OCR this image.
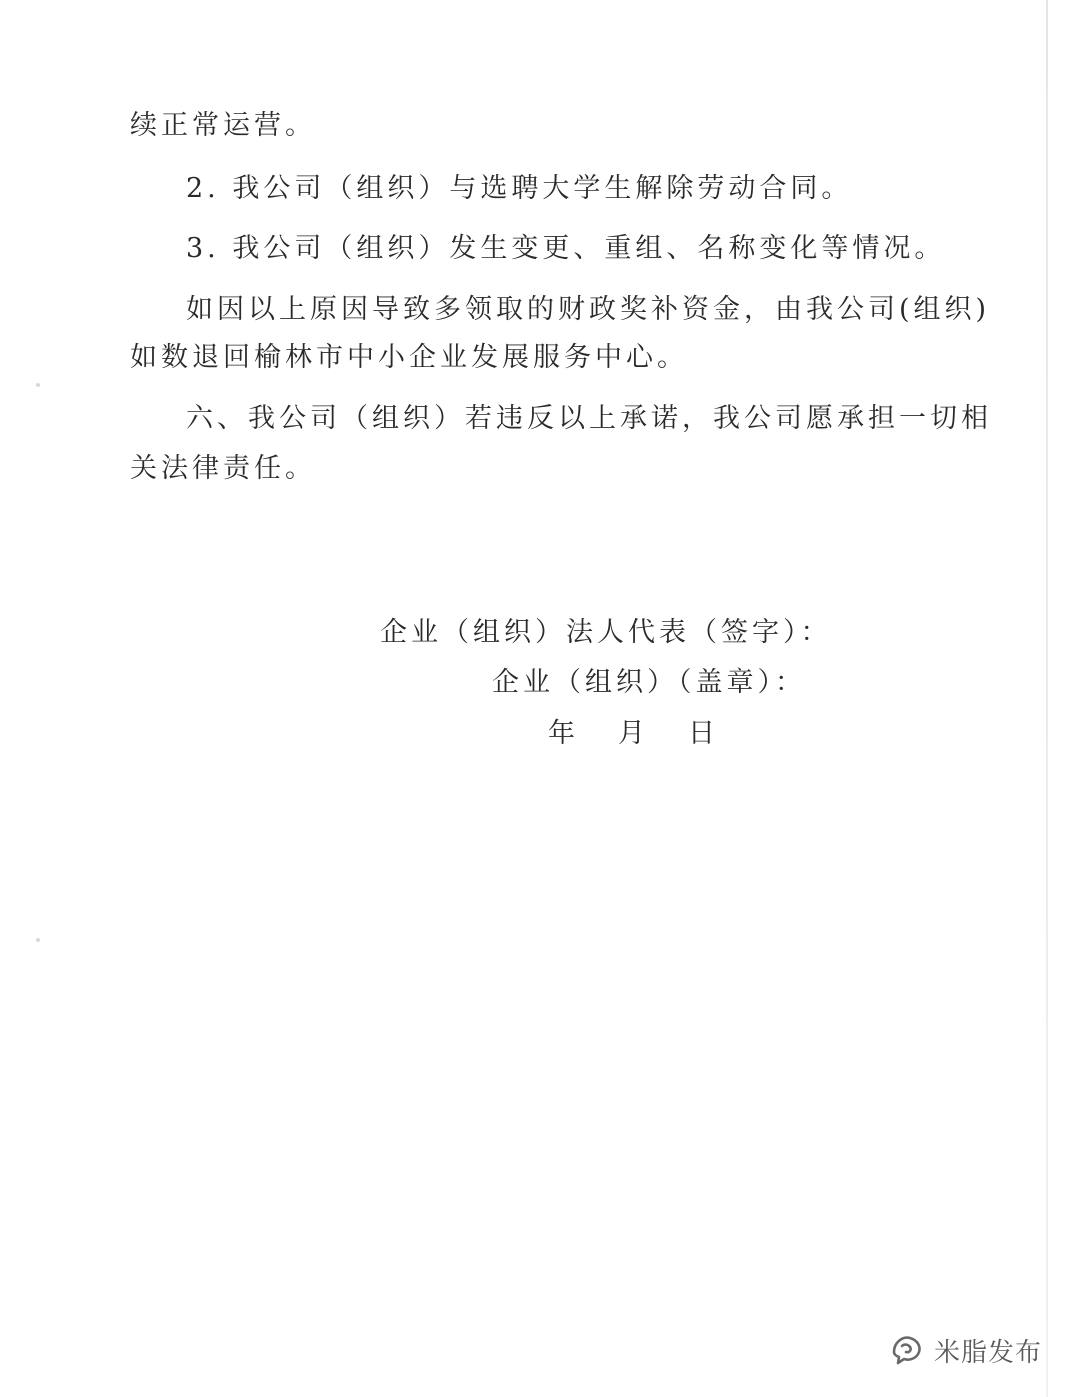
续正常运营。
2. 我公司（组织）与选聘大学生解除劳动合同。
3. 我公司（组织）发生变更、重组、名称变化等情况。
如因以上原因导致多领取的财政奖补资金，由我公司(组织)
如数退回榆林市中小企业发展服务中心。
六、我公司（组织）若违反以上承诺，我公司愿承担一切相
关法律责任。
企业（组织）法人代表（签字）：
企业（组织）（盖章）：
年 月 日
米脂发布
